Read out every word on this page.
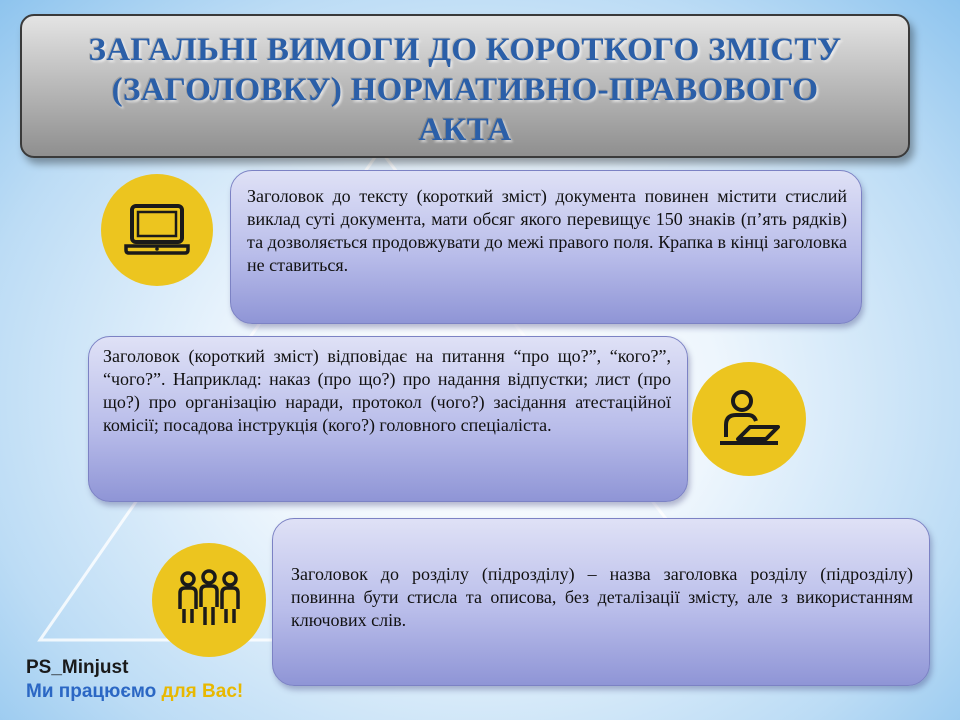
ЗАГАЛЬНІ ВИМОГИ ДО КОРОТКОГО ЗМІСТУ
(ЗАГОЛОВКУ) НОРМАТИВНО-ПРАВОВОГО
АКТА
Заголовок до тексту (короткий зміст) документа повинен містити стислий виклад суті документа, мати обсяг якого перевищує 150 знаків (п’ять рядків) та дозволяється продовжувати до межі правого поля. Крапка в кінці заголовка не ставиться.
Заголовок (короткий зміст) відповідає на питання “про що?”, “кого?”, “чого?”. Наприклад: наказ (про що?) про надання відпустки; лист (про що?) про організацію наради, протокол (чого?) засідання атестаційної комісії; посадова інструкція (кого?) головного спеціаліста.
Заголовок до розділу (підрозділу) – назва заголовка розділу (підрозділу) повинна бути стисла та описова, без деталізації змісту, але з використанням ключових слів.
PS_Minjust
Ми працюємо для Вас!
